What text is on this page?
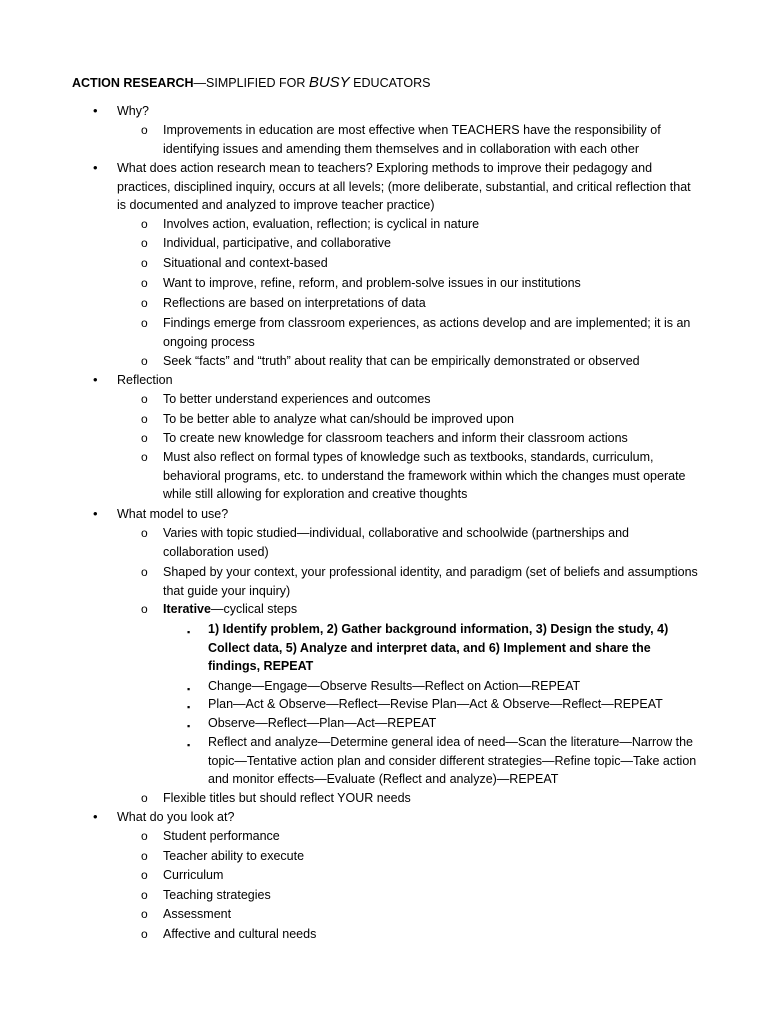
ACTION RESEARCH—SIMPLIFIED FOR BUSY EDUCATORS
• Why?
o Improvements in education are most effective when TEACHERS have the responsibility of identifying issues and amending them themselves and in collaboration with each other
• What does action research mean to teachers? Exploring methods to improve their pedagogy and practices, disciplined inquiry, occurs at all levels; (more deliberate, substantial, and critical reflection that is documented and analyzed to improve teacher practice)
o Involves action, evaluation, reflection; is cyclical in nature
o Individual, participative, and collaborative
o Situational and context-based
o Want to improve, refine, reform, and problem-solve issues in our institutions
o Reflections are based on interpretations of data
o Findings emerge from classroom experiences, as actions develop and are implemented; it is an ongoing process
o Seek “facts” and “truth” about reality that can be empirically demonstrated or observed
• Reflection
o To better understand experiences and outcomes
o To be better able to analyze what can/should be improved upon
o To create new knowledge for classroom teachers and inform their classroom actions
o Must also reflect on formal types of knowledge such as textbooks, standards, curriculum, behavioral programs, etc. to understand the framework within which the changes must operate while still allowing for exploration and creative thoughts
• What model to use?
o Varies with topic studied—individual, collaborative and schoolwide (partnerships and collaboration used)
o Shaped by your context, your professional identity, and paradigm (set of beliefs and assumptions that guide your inquiry)
o Iterative—cyclical steps
▪ 1) Identify problem, 2) Gather background information, 3) Design the study, 4) Collect data, 5) Analyze and interpret data, and 6) Implement and share the findings, REPEAT
▪ Change—Engage—Observe Results—Reflect on Action—REPEAT
▪ Plan—Act & Observe—Reflect—Revise Plan—Act & Observe—Reflect—REPEAT
▪ Observe—Reflect—Plan—Act—REPEAT
▪ Reflect and analyze—Determine general idea of need—Scan the literature—Narrow the topic—Tentative action plan and consider different strategies—Refine topic—Take action and monitor effects—Evaluate (Reflect and analyze)—REPEAT
o Flexible titles but should reflect YOUR needs
• What do you look at?
o Student performance
o Teacher ability to execute
o Curriculum
o Teaching strategies
o Assessment
o Affective and cultural needs
